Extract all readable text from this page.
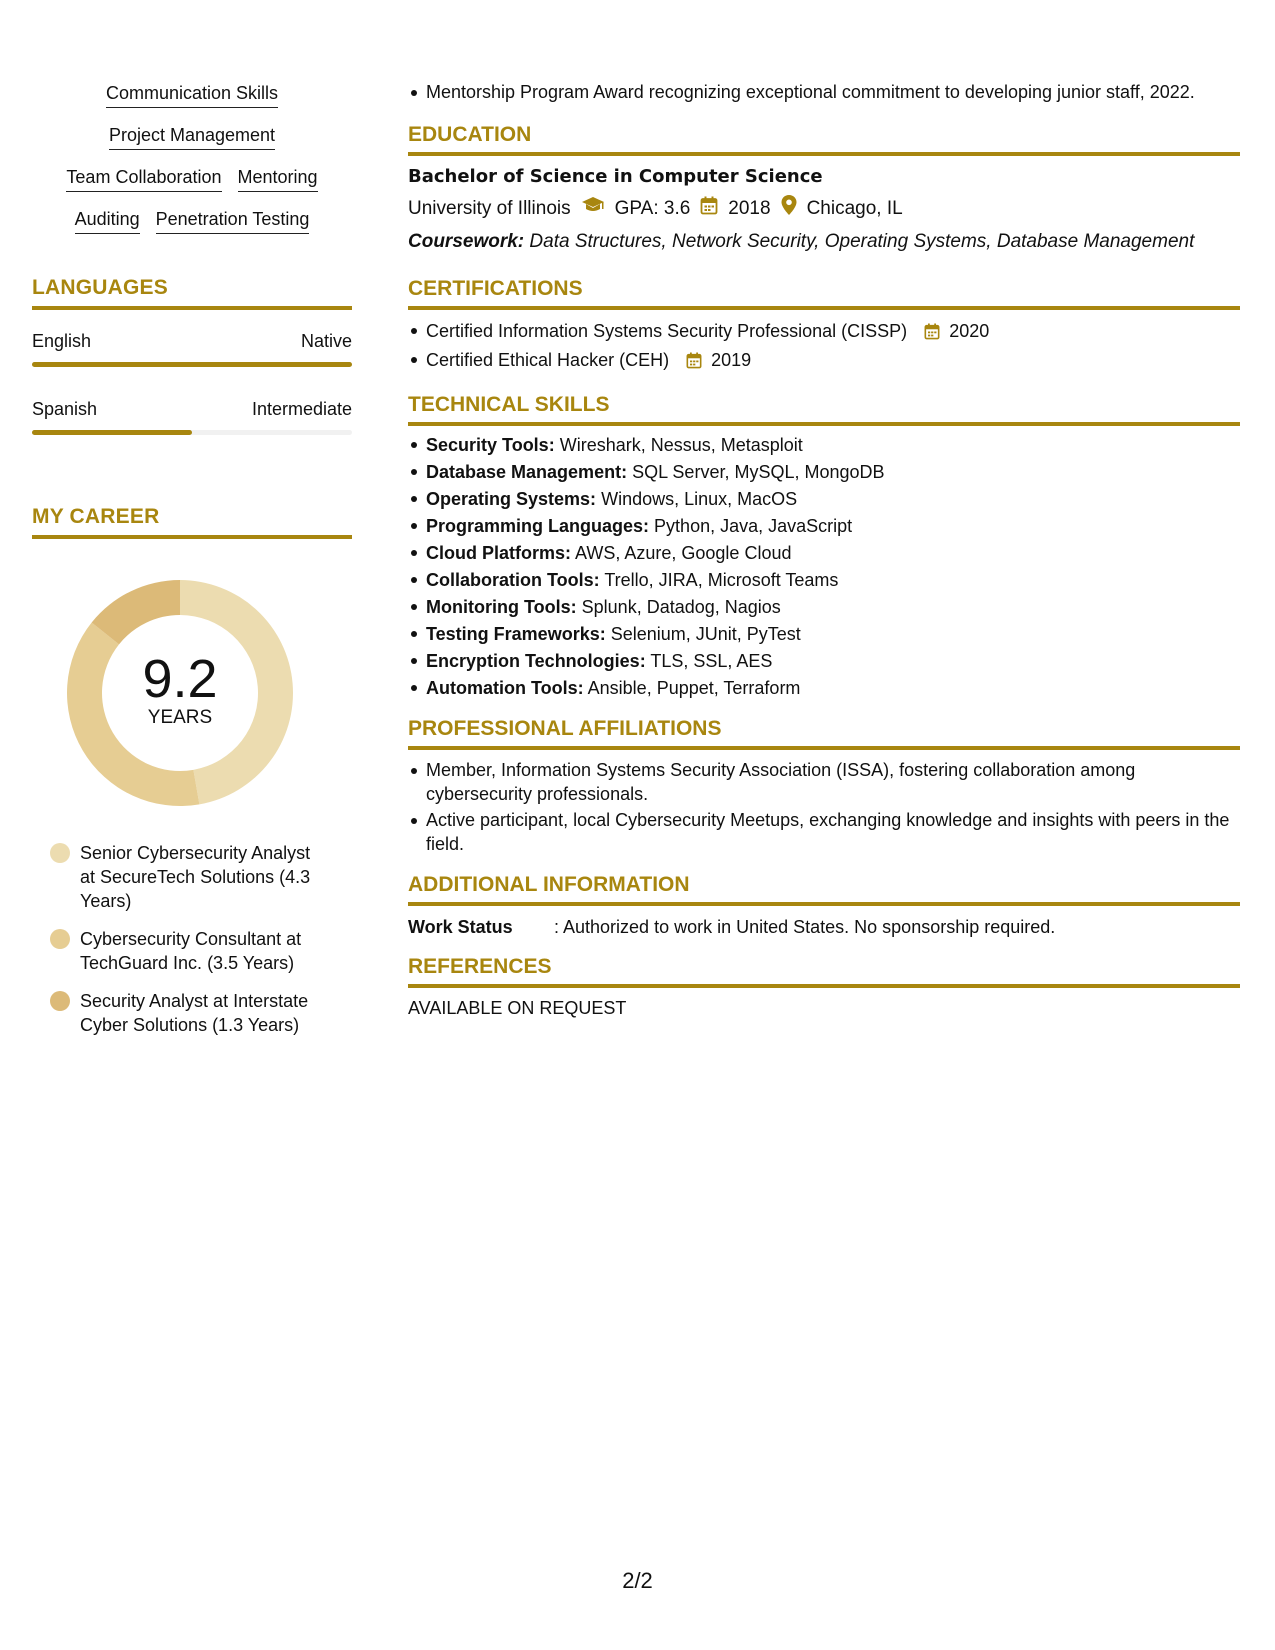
Communication Skills
Project Management
Team Collaboration Mentoring
Auditing Penetration Testing
LANGUAGES
English	Native
Spanish	Intermediate
MY CAREER
9.2
YEARS
Senior Cybersecurity Analyst at SecureTech Solutions (4.3 Years)
Cybersecurity Consultant at TechGuard Inc. (3.5 Years)
Security Analyst at Interstate Cyber Solutions (1.3 Years)
Mentorship Program Award recognizing exceptional commitment to developing junior staff, 2022.
EDUCATION
Bachelor of Science in Computer Science
University of Illinois GPA: 3.6 2018 Chicago, IL
Coursework: Data Structures, Network Security, Operating Systems, Database Management
CERTIFICATIONS
Certified Information Systems Security Professional (CISSP) 2020
Certified Ethical Hacker (CEH) 2019
TECHNICAL SKILLS
Security Tools: Wireshark, Nessus, Metasploit
Database Management: SQL Server, MySQL, MongoDB
Operating Systems: Windows, Linux, MacOS
Programming Languages: Python, Java, JavaScript
Cloud Platforms: AWS, Azure, Google Cloud
Collaboration Tools: Trello, JIRA, Microsoft Teams
Monitoring Tools: Splunk, Datadog, Nagios
Testing Frameworks: Selenium, JUnit, PyTest
Encryption Technologies: TLS, SSL, AES
Automation Tools: Ansible, Puppet, Terraform
PROFESSIONAL AFFILIATIONS
Member, Information Systems Security Association (ISSA), fostering collaboration among cybersecurity professionals.
Active participant, local Cybersecurity Meetups, exchanging knowledge and insights with peers in the field.
ADDITIONAL INFORMATION
Work Status	: Authorized to work in United States. No sponsorship required.
REFERENCES
AVAILABLE ON REQUEST
2/2
